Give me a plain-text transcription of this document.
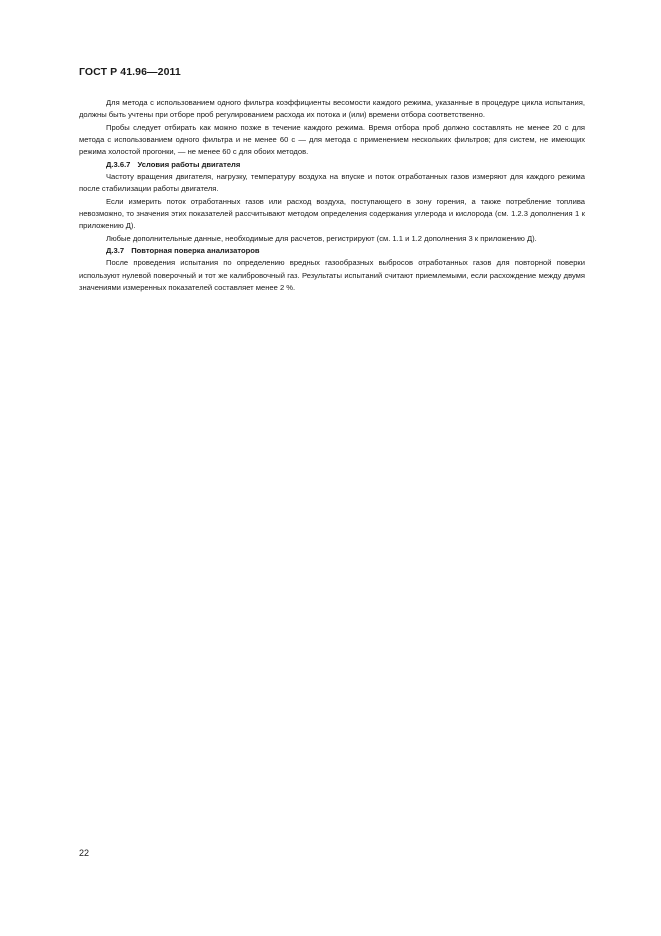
ГОСТ Р 41.96—2011

Для метода с использованием одного фильтра коэффициенты весомости каждого режима, указанные в процедуре цикла испытания, должны быть учтены при отборе проб регулированием расхода их потока и (или) времени отбора соответственно.

Пробы следует отбирать как можно позже в течение каждого режима. Время отбора проб должно составлять не менее 20 с для метода с использованием одного фильтра и не менее 60 с — для метода с применением нескольких фильтров; для систем, не имеющих режима холостой прогонки, — не менее 60 с для обоих методов.

Д.3.6.7 Условия работы двигателя

Частоту вращения двигателя, нагрузку, температуру воздуха на впуске и поток отработанных газов измеряют для каждого режима после стабилизации работы двигателя.

Если измерить поток отработанных газов или расход воздуха, поступающего в зону горения, а также потребление топлива невозможно, то значения этих показателей рассчитывают методом определения содержания углерода и кислорода (см. 1.2.3 дополнения 1 к приложению Д).

Любые дополнительные данные, необходимые для расчетов, регистрируют (см. 1.1 и 1.2 дополнения 3 к приложению Д).

Д.3.7 Повторная поверка анализаторов

После проведения испытания по определению вредных газообразных выбросов отработанных газов для повторной поверки используют нулевой поверочный и тот же калибровочный газ. Результаты испытаний считают приемлемыми, если расхождение между двумя значениями измеренных показателей составляет менее 2 %.

22
